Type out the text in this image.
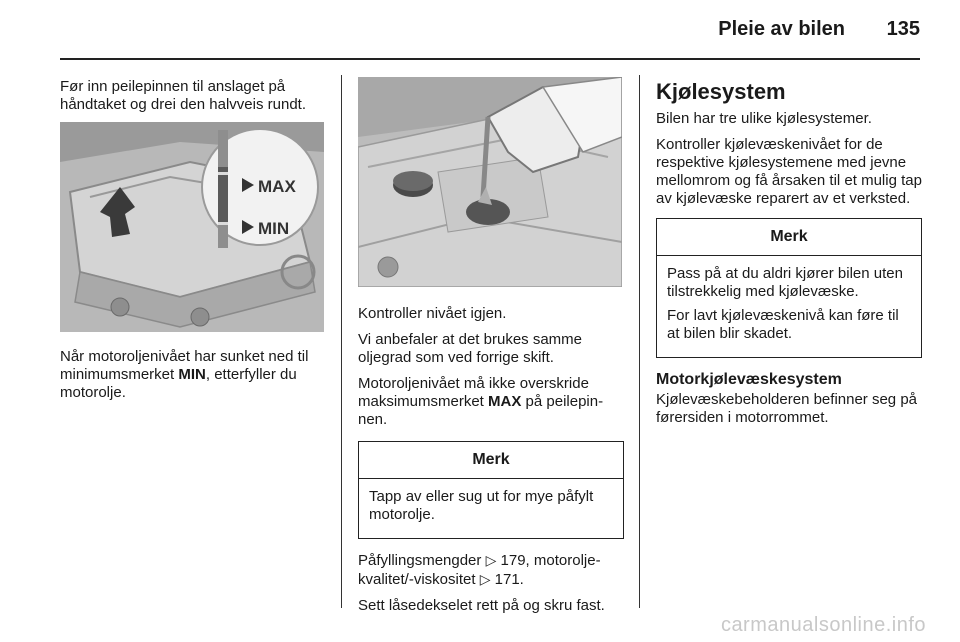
Pleie av bilen	135

Før inn peilepinnen til anslaget på håndtaket og drei den halvveis rundt.

MAX
MIN

Når motoroljenivået har sunket ned til minimumsmerket MIN, etterfyller du motorolje.

Kontroller nivået igjen.

Vi anbefaler at det brukes samme oljegrad som ved forrige skift.

Motoroljenivået må ikke overskride maksimumsmerket MAX på peilepin-nen.

Merk

Tapp av eller sug ut for mye påfylt motorolje.

Påfyllingsmengder ▷ 179, motorolje-kvalitet/-viskositet ▷ 171.

Sett låsedekselet rett på og skru fast.

Kjølesystem

Bilen har tre ulike kjølesystemer.

Kontroller kjølevæskenivået for de respektive kjølesystemene med jevne mellomrom og få årsaken til et mulig tap av kjølevæske reparert av et verksted.

Merk

Pass på at du aldri kjører bilen uten tilstrekkelig med kjølevæske.

For lavt kjølevæskenivå kan føre til at bilen blir skadet.

Motorkjølevæskesystem

Kjølevæskebeholderen befinner seg på førersiden i motorrommet.

carmanualsonline.info
